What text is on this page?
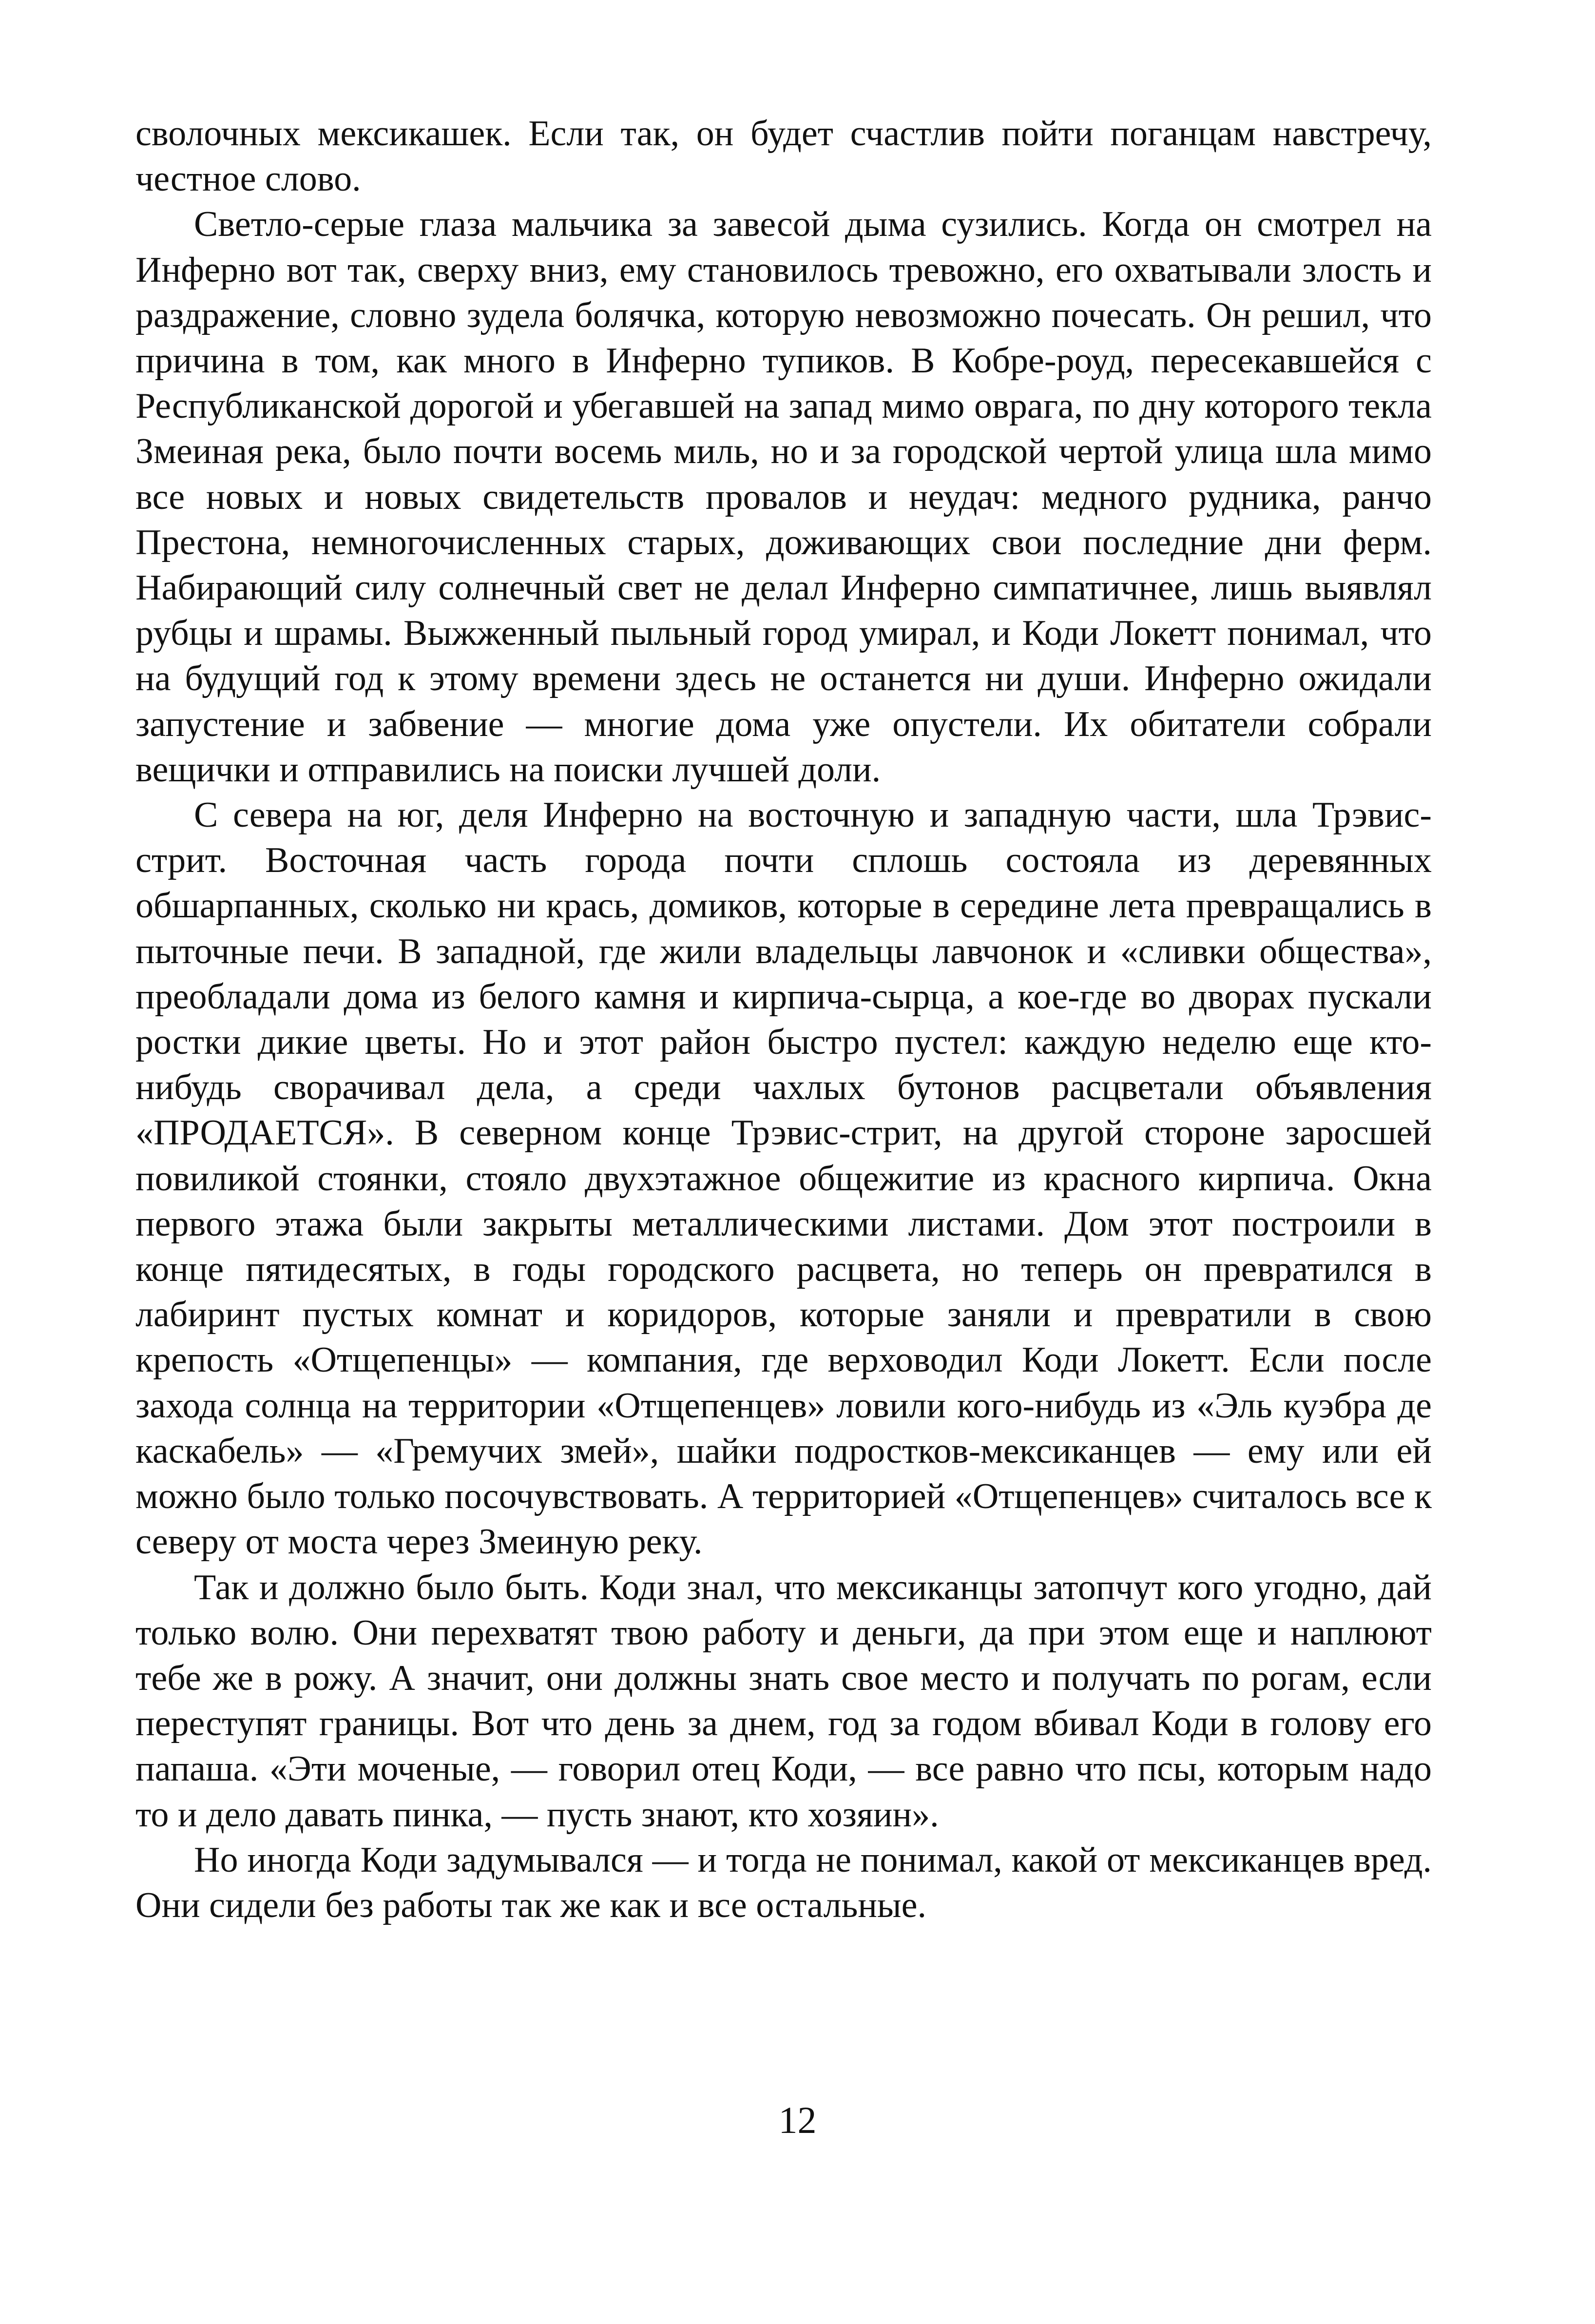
сволочных мексикашек. Если так, он будет счастлив пойти поганцам навстречу, честное слово.

Светло-серые глаза мальчика за завесой дыма сузились. Когда он смотрел на Инферно вот так, сверху вниз, ему становилось тревожно, его охватывали злость и раздражение, словно зудела болячка, которую невозможно почесать. Он решил, что причина в том, как много в Инферно тупиков. В Кобре-роуд, пересекавшейся с Республиканской дорогой и убегавшей на запад мимо оврага, по дну которого текла Змеиная река, было почти восемь миль, но и за городской чертой улица шла мимо все новых и новых свидетельств провалов и неудач: медного рудника, ранчо Престона, немногочисленных старых, доживающих свои последние дни ферм. Набирающий силу солнечный свет не делал Инферно симпатичнее, лишь выявлял рубцы и шрамы. Выжженный пыльный город умирал, и Коди Локетт понимал, что на будущий год к этому времени здесь не останется ни души. Инферно ожидали запустение и забвение — многие дома уже опустели. Их обитатели собрали вещички и отправились на поиски лучшей доли.

С севера на юг, деля Инферно на восточную и западную части, шла Трэвис-стрит. Восточная часть города почти сплошь состояла из деревянных обшарпанных, сколько ни крась, домиков, которые в середине лета превращались в пыточные печи. В западной, где жили владельцы лавчонок и «сливки общества», преобладали дома из белого камня и кирпича-сырца, а кое-где во дворах пускали ростки дикие цветы. Но и этот район быстро пустел: каждую неделю еще кто-нибудь сворачивал дела, а среди чахлых бутонов расцветали объявления «ПРОДАЕТСЯ». В северном конце Трэвис-стрит, на другой стороне заросшей повиликой стоянки, стояло двухэтажное общежитие из красного кирпича. Окна первого этажа были закрыты металлическими листами. Дом этот построили в конце пятидесятых, в годы городского расцвета, но теперь он превратился в лабиринт пустых комнат и коридоров, которые заняли и превратили в свою крепость «Отщепенцы» — компания, где верховодил Коди Локетт. Если после захода солнца на территории «Отщепенцев» ловили кого-нибудь из «Эль куэбра де каскабель» — «Гремучих змей», шайки подростков-мексиканцев — ему или ей можно было только посочувствовать. А территорией «Отщепенцев» считалось все к северу от моста через Змеиную реку.

Так и должно было быть. Коди знал, что мексиканцы затопчут кого угодно, дай только волю. Они перехватят твою работу и деньги, да при этом еще и наплюют тебе же в рожу. А значит, они должны знать свое место и получать по рогам, если переступят границы. Вот что день за днем, год за годом вбивал Коди в голову его папаша. «Эти моченые, — говорил отец Коди, — все равно что псы, которым надо то и дело давать пинка, — пусть знают, кто хозяин».

Но иногда Коди задумывался — и тогда не понимал, какой от мексиканцев вред. Они сидели без работы так же как и все остальные.

12
